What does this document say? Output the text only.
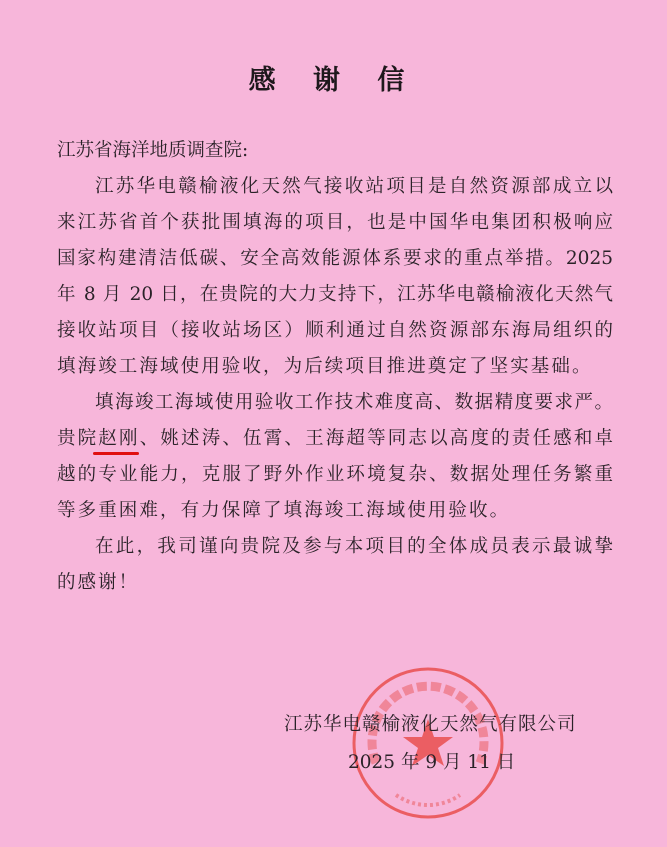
感 谢 信
江苏省海洋地质调查院:
江苏华电赣榆液化天然气接收站项目是自然资源部成立以
来江苏省首个获批围填海的项目，也是中国华电集团积极响应
国家构建清洁低碳、安全高效能源体系要求的重点举措。2025
年 8 月 20 日，在贵院的大力支持下，江苏华电赣榆液化天然气
接收站项目（接收站场区）顺利通过自然资源部东海局组织的
填海竣工海域使用验收，为后续项目推进奠定了坚实基础。
填海竣工海域使用验收工作技术难度高、数据精度要求严。
贵院赵刚、姚述涛、伍霄、王海超等同志以高度的责任感和卓
越的专业能力，克服了野外作业环境复杂、数据处理任务繁重
等多重困难，有力保障了填海竣工海域使用验收。
在此，我司谨向贵院及参与本项目的全体成员表示最诚挚
的感谢！
江苏华电赣榆液化天然气有限公司
2025 年 9 月 11 日
